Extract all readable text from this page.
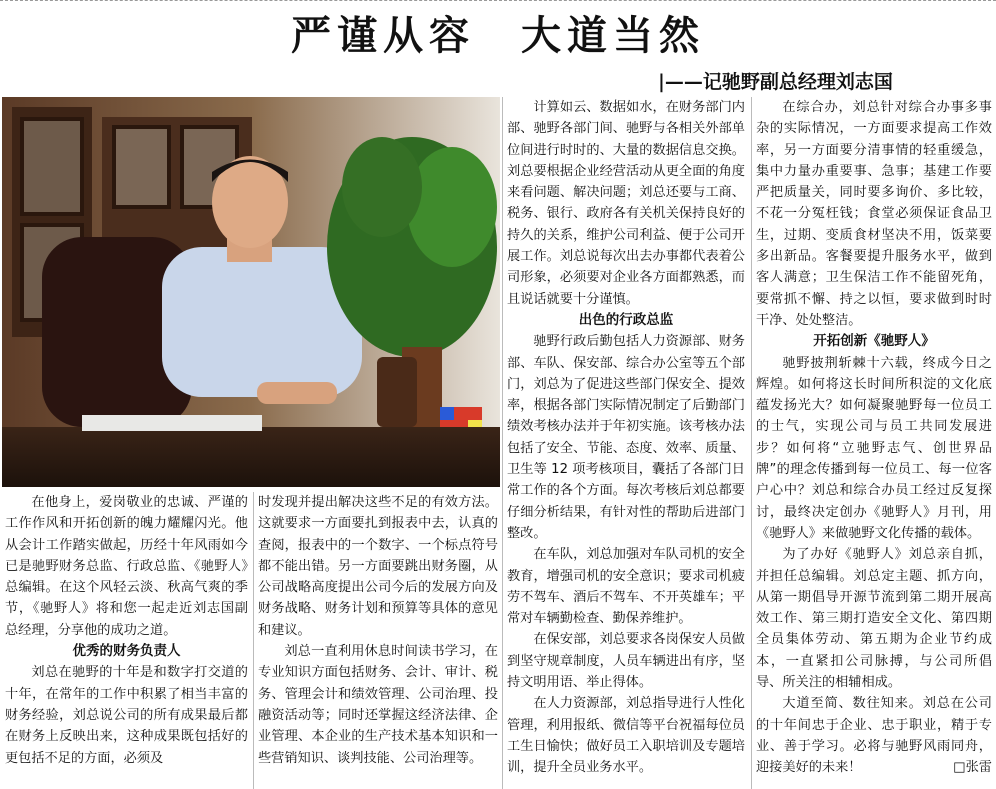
严谨从容　大道当然
|——记驰野副总经理刘志国

在他身上，爱岗敬业的忠诚、严谨的工作作风和开拓创新的魄力耀耀闪光。他从会计工作踏实做起，历经十年风雨如今已是驰野财务总监、行政总监、《驰野人》总编辑。在这个风轻云淡、秋高气爽的季节，《驰野人》将和您一起走近刘志国副总经理，分享他的成功之道。

优秀的财务负责人

刘总在驰野的十年是和数字打交道的十年，在常年的工作中积累了相当丰富的财务经验，刘总说公司的所有成果最后都在财务上反映出来，这种成果既包括好的更包括不足的方面，必须及

时发现并提出解决这些不足的有效方法。这就要求一方面要扎到报表中去，认真的查阅，报表中的一个数字、一个标点符号都不能出错。另一方面要跳出财务圈，从公司战略高度提出公司今后的发展方向及财务战略、财务计划和预算等具体的意见和建议。

刘总一直利用休息时间读书学习，在专业知识方面包括财务、会计、审计、税务、管理会计和绩效管理、公司治理、投融资活动等；同时还掌握这经济法律、企业管理、本企业的生产技术基本知识和一些营销知识、谈判技能、公司治理等。

计算如云、数据如水，在财务部门内部、驰野各部门间、驰野与各相关外部单位间进行时时的、大量的数据信息交换。刘总要根据企业经营活动从更全面的角度来看问题、解决问题；刘总还要与工商、税务、银行、政府各有关机关保持良好的持久的关系，维护公司利益、便于公司开展工作。刘总说每次出去办事都代表着公司形象，必须要对企业各方面都熟悉，而且说话就要十分谨慎。

出色的行政总监

驰野行政后勤包括人力资源部、财务部、车队、保安部、综合办公室等五个部门，刘总为了促进这些部门保安全、提效率，根据各部门实际情况制定了后勤部门绩效考核办法并于年初实施。该考核办法包括了安全、节能、态度、效率、质量、卫生等 12 项考核项目，囊括了各部门日常工作的各个方面。每次考核后刘总都要仔细分析结果，有针对性的帮助后进部门整改。

在车队，刘总加强对车队司机的安全教育，增强司机的安全意识；要求司机疲劳不驾车、酒后不驾车、不开英雄车；平常对车辆勤检查、勤保养维护。

在保安部，刘总要求各岗保安人员做到坚守规章制度，人员车辆进出有序，坚持文明用语、举止得体。

在人力资源部，刘总指导进行人性化管理，利用报纸、微信等平台祝福每位员工生日愉快；做好员工入职培训及专题培训，提升全员业务水平。

在综合办，刘总针对综合办事多事杂的实际情况，一方面要求提高工作效率，另一方面要分清事情的轻重缓急，集中力量办重要事、急事；基建工作要严把质量关，同时要多询价、多比较，不花一分冤枉钱；食堂必须保证食品卫生，过期、变质食材坚决不用，饭菜要多出新品。客餐要提升服务水平，做到客人满意；卫生保洁工作不能留死角，要常抓不懈、持之以恒，要求做到时时干净、处处整洁。

开拓创新《驰野人》

驰野披荆斩棘十六载，终成今日之辉煌。如何将这长时间所积淀的文化底蕴发扬光大？如何凝聚驰野每一位员工的士气，实现公司与员工共同发展进步？如何将“立驰野志气、创世界品牌”的理念传播到每一位员工、每一位客户心中？刘总和综合办员工经过反复探讨，最终决定创办《驰野人》月刊，用《驰野人》来做驰野文化传播的载体。

为了办好《驰野人》刘总亲自抓，并担任总编辑。刘总定主题、抓方向，从第一期倡导开源节流到第二期开展高效工作、第三期打造安全文化、第四期全员集体劳动、第五期为企业节约成本，一直紧扣公司脉搏，与公司所倡导、所关注的相辅相成。

大道至简、数往知来。刘总在公司的十年间忠于企业、忠于职业，精于专业、善于学习。必将与驰野风雨同舟，迎接美好的未来！	□张雷
